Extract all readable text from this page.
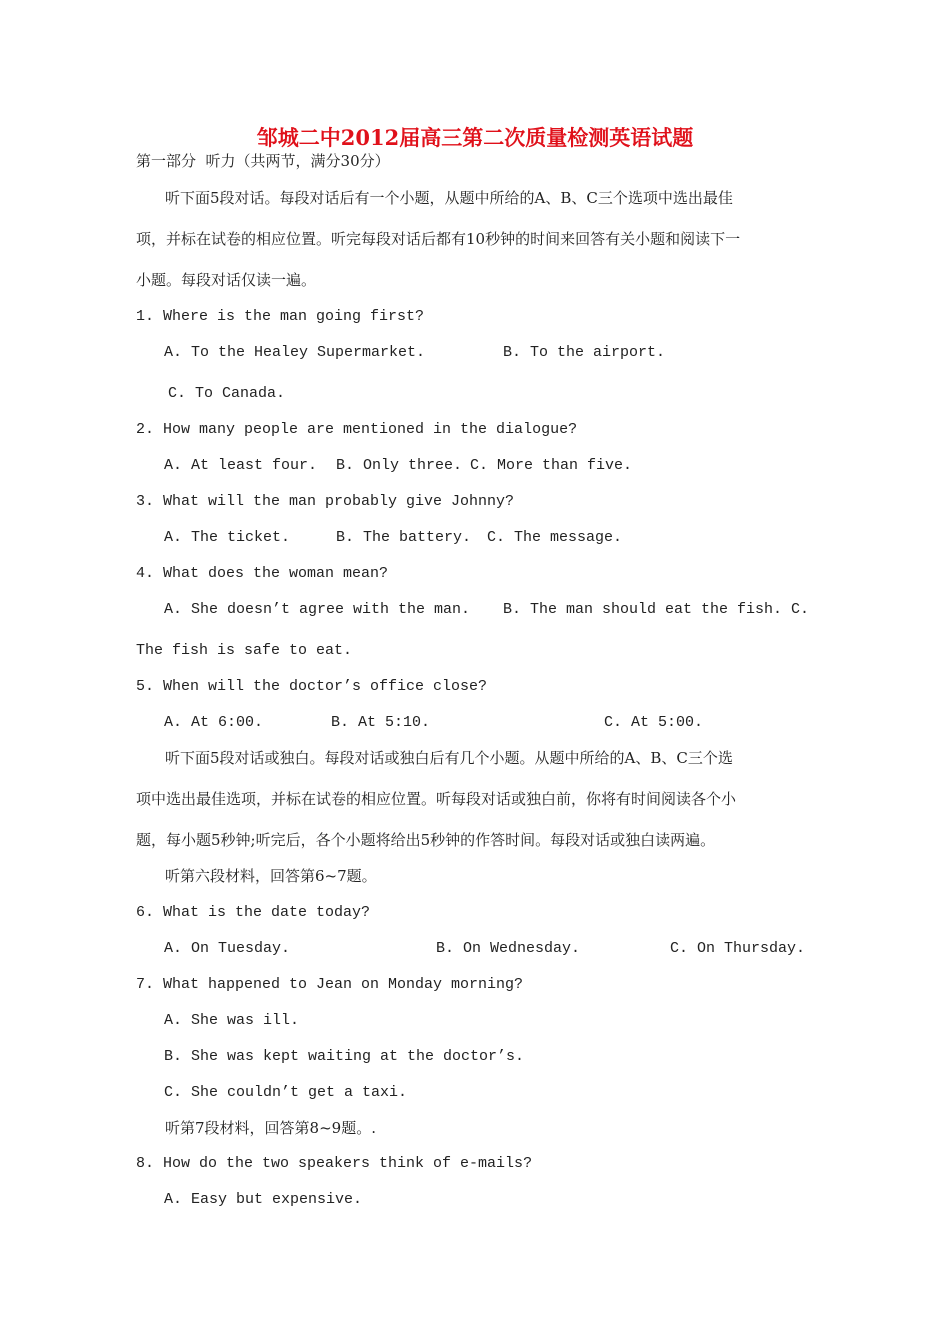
邹城二中2012届高三第二次质量检测英语试题
第一部分  听力（共两节，满分30分）
听下面5段对话。每段对话后有一个小题，从题中所给的A、B、C三个选项中选出最佳
项，并标在试卷的相应位置。听完每段对话后都有10秒钟的时间来回答有关小题和阅读下一
小题。每段对话仅读一遍。
1. Where is the man going first?
A. To the Healey Supermarket.	B. To the airport.
C. To Canada.
2. How many people are mentioned in the dialogue?
A. At least four. B. Only three. C. More than five.
3. What will the man probably give Johnny?
A. The ticket.	B. The battery. C. The message.
4. What does the woman mean?
A. She doesn’t agree with the man. B. The man should eat the fish. C.
The fish is safe to eat.
5. When will the doctor’s office close?
A. At 6:00.	B. At 5:10.	C. At 5:00.
听下面5段对话或独白。每段对话或独白后有几个小题。从题中所给的A、B、C三个选
项中选出最佳选项，并标在试卷的相应位置。听每段对话或独白前，你将有时间阅读各个小
题，每小题5秒钟;听完后，各个小题将给出5秒钟的作答时间。每段对话或独白读两遍。
听第六段材料，回答第6~7题。
6. What is the date today?
A. On Tuesday.	B. On Wednesday.	C. On Thursday.
7. What happened to Jean on Monday morning?
A. She was ill.
B. She was kept waiting at the doctor’s.
C. She couldn’t get a taxi.
听第7段材料，回答第8~9题。.
8. How do the two speakers think of e-mails?
A. Easy but expensive.
